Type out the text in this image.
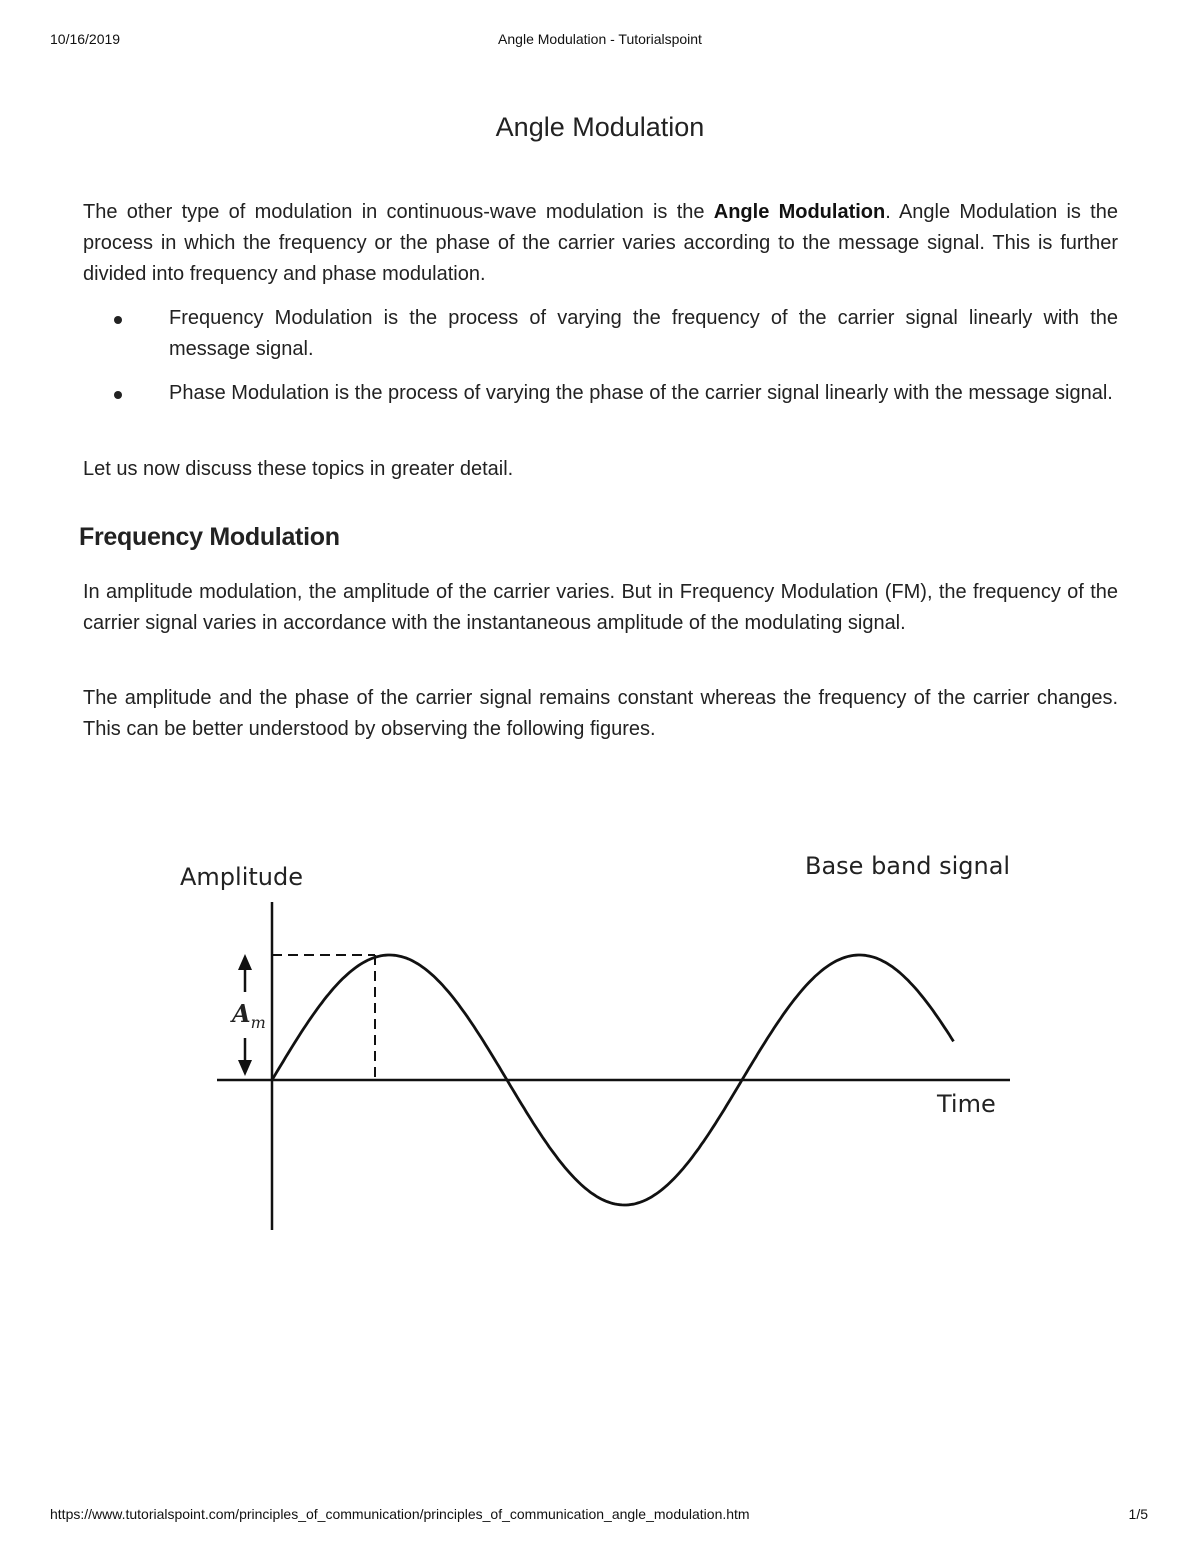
10/16/2019	Angle Modulation - Tutorialspoint
Angle Modulation

The other type of modulation in continuous-wave modulation is the Angle Modulation. Angle Modulation is the process in which the frequency or the phase of the carrier varies according to the message signal. This is further divided into frequency and phase modulation.

Frequency Modulation is the process of varying the frequency of the carrier signal linearly with the message signal.
Phase Modulation is the process of varying the phase of the carrier signal linearly with the message signal.

Let us now discuss these topics in greater detail.

Frequency Modulation

In amplitude modulation, the amplitude of the carrier varies. But in Frequency Modulation (FM), the frequency of the carrier signal varies in accordance with the instantaneous amplitude of the modulating signal.

The amplitude and the phase of the carrier signal remains constant whereas the frequency of the carrier changes. This can be better understood by observing the following figures.

Amplitude	Base band signal
Time
$A_m$
https://www.tutorialspoint.com/principles_of_communication/principles_of_communication_angle_modulation.htm	1/5
